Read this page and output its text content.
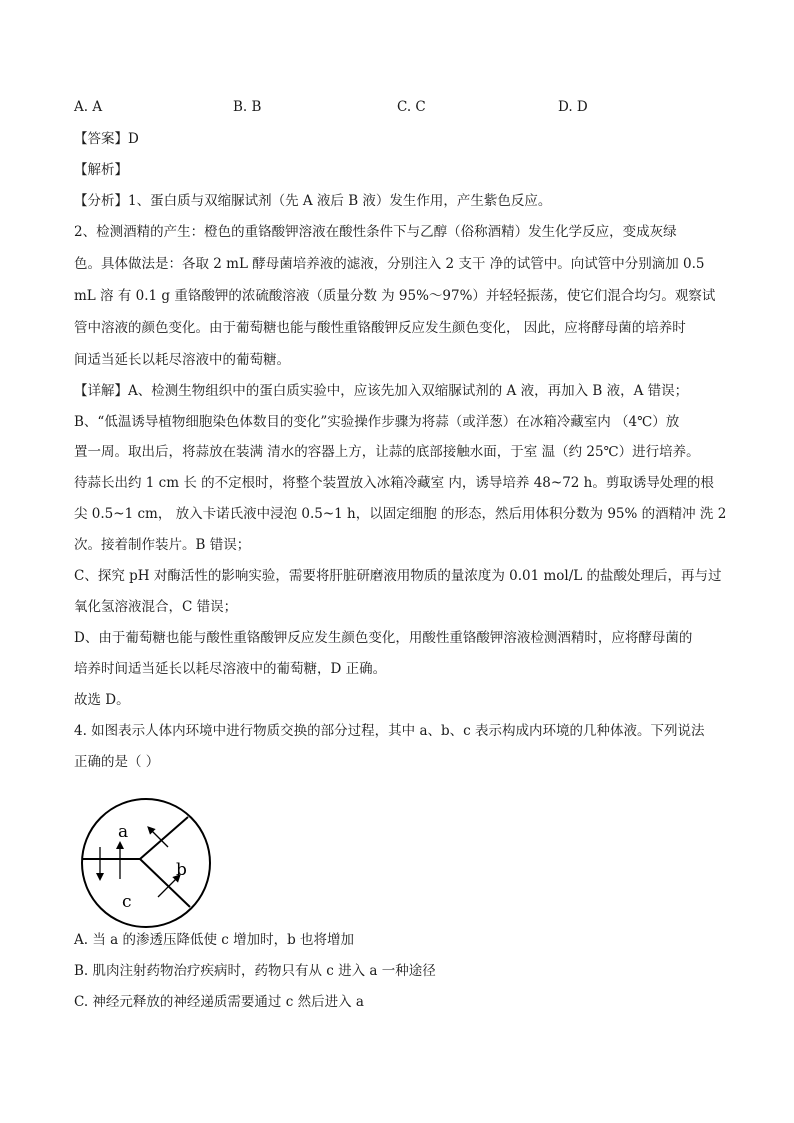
A. A	B. B	C. C	D. D
【答案】D
【解析】
【分析】1、蛋白质与双缩脲试剂（先 A 液后 B 液）发生作用，产生紫色反应。
2、检测酒精的产生：橙色的重铬酸钾溶液在酸性条件下与乙醇（俗称酒精）发生化学反应，变成灰绿
色。具体做法是：各取 2 mL 酵母菌培养液的滤液，分别注入 2 支干 净的试管中。向试管中分别滴加 0.5
mL 溶 有 0.1 g 重铬酸钾的浓硫酸溶液（质量分数 为 95%～97%）并轻轻振荡，使它们混合均匀。观察试
管中溶液的颜色变化。由于葡萄糖也能与酸性重铬酸钾反应发生颜色变化， 因此，应将酵母菌的培养时
间适当延长以耗尽溶液中的葡萄糖。
【详解】A、检测生物组织中的蛋白质实验中，应该先加入双缩脲试剂的 A 液，再加入 B 液，A 错误；
B、“低温诱导植物细胞染色体数目的变化”实验操作步骤为将蒜（或洋葱）在冰箱冷藏室内 （4℃）放
置一周。取出后，将蒜放在装满 清水的容器上方，让蒜的底部接触水面，于室 温（约 25℃）进行培养。
待蒜长出约 1 cm 长 的不定根时，将整个装置放入冰箱冷藏室 内，诱导培养 48~72 h。剪取诱导处理的根
尖 0.5~1 cm， 放入卡诺氏液中浸泡 0.5~1 h，以固定细胞 的形态，然后用体积分数为 95% 的酒精冲 洗 2
次。接着制作装片。B 错误；
C、探究 pH 对酶活性的影响实验，需要将肝脏研磨液用物质的量浓度为 0.01 mol/L 的盐酸处理后，再与过
氧化氢溶液混合，C 错误；
D、由于葡萄糖也能与酸性重铬酸钾反应发生颜色变化，用酸性重铬酸钾溶液检测酒精时，应将酵母菌的
培养时间适当延长以耗尽溶液中的葡萄糖，D 正确。
故选 D。
4. 如图表示人体内环境中进行物质交换的部分过程，其中 a、b、c 表示构成内环境的几种体液。下列说法
正确的是（ ）
a
b
c
A. 当 a 的渗透压降低使 c 增加时，b 也将增加
B. 肌肉注射药物治疗疾病时，药物只有从 c 进入 a 一种途径
C. 神经元释放的神经递质需要通过 c 然后进入 a
